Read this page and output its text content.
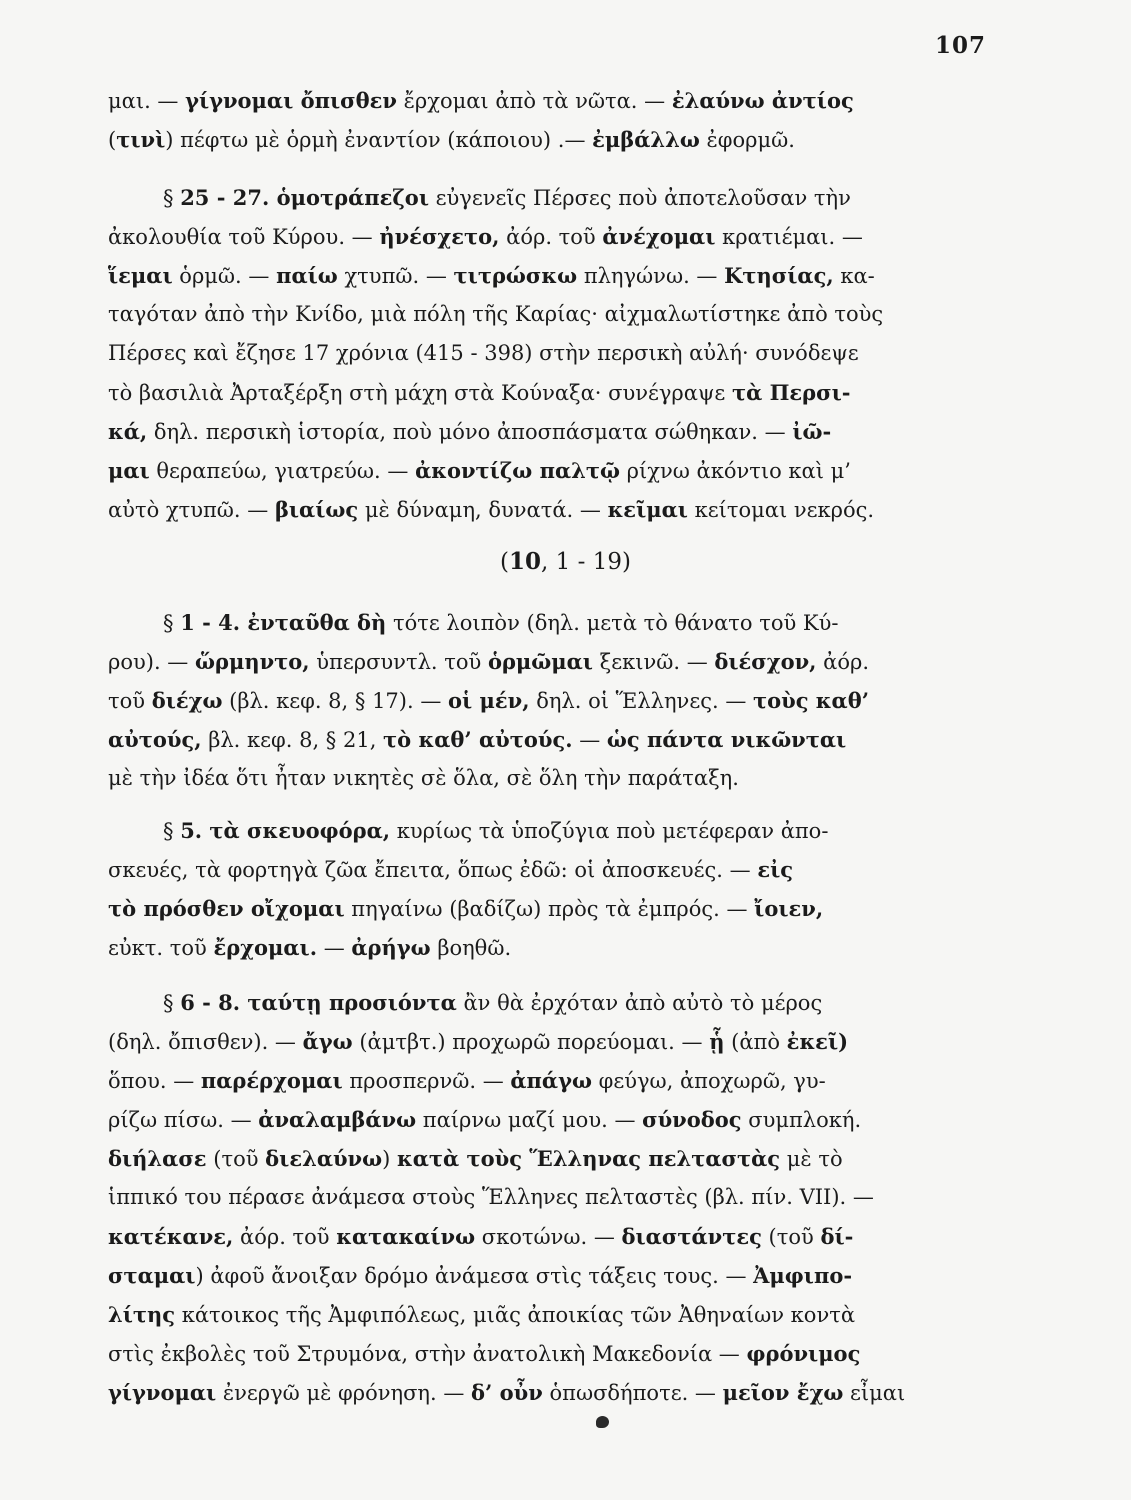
107
μαι. — γίγνομαι ὄπισθεν ἔρχομαι ἀπὸ τὰ νῶτα. — ἐλαύνω ἀντίος
(τινὶ) πέφτω μὲ ὁρμὴ ἐναντίον (κάποιου) .— ἐμβάλλω ἐφορμῶ.
§ 25 - 27. ὁμοτράπεζοι εὐγενεῖς Πέρσες ποὺ ἀποτελοῦσαν τὴν
ἀκολουθία τοῦ Κύρου. — ἠνέσχετο, ἀόρ. τοῦ ἀνέχομαι κρατιέμαι. —
ἵεμαι ὁρμῶ. — παίω χτυπῶ. — τιτρώσκω πληγώνω. — Κτησίας, κα-
ταγόταν ἀπὸ τὴν Κνίδο, μιὰ πόλη τῆς Καρίας· αἰχμαλωτίστηκε ἀπὸ τοὺς
Πέρσες καὶ ἔζησε 17 χρόνια (415 - 398) στὴν περσικὴ αὐλή· συνόδεψε
τὸ βασιλιὰ Ἀρταξέρξη στὴ μάχη στὰ Κούναξα· συνέγραψε τὰ Περσι-
κά, δηλ. περσικὴ ἱστορία, ποὺ μόνο ἀποσπάσματα σώθηκαν. — ἰῶ-
μαι θεραπεύω, γιατρεύω. — ἀκοντίζω παλτῷ ρίχνω ἀκόντιο καὶ μ’
αὐτὸ χτυπῶ. — βιαίως μὲ δύναμη, δυνατά. — κεῖμαι κείτομαι νεκρός.
(10, 1 - 19)
§ 1 - 4. ἐνταῦθα δὴ τότε λοιπὸν (δηλ. μετὰ τὸ θάνατο τοῦ Κύ-
ρου). — ὥρμηντο, ὑπερσυντλ. τοῦ ὁρμῶμαι ξεκινῶ. — διέσχον, ἀόρ.
τοῦ διέχω (βλ. κεφ. 8, § 17). — οἱ μέν, δηλ. οἱ Ἕλληνες. — τοὺς καθ’
αὐτούς, βλ. κεφ. 8, § 21, τὸ καθ’ αὐτούς. — ὡς πάντα νικῶνται
μὲ τὴν ἰδέα ὅτι ἦταν νικητὲς σὲ ὅλα, σὲ ὅλη τὴν παράταξη.
§ 5. τὰ σκευοφόρα, κυρίως τὰ ὑποζύγια ποὺ μετέφεραν ἀπο-
σκευές, τὰ φορτηγὰ ζῶα ἔπειτα, ὅπως ἐδῶ: οἱ ἀποσκευές. — εἰς
τὸ πρόσθεν οἴχομαι πηγαίνω (βαδίζω) πρὸς τὰ ἐμπρός. — ἴοιεν,
εὐκτ. τοῦ ἔρχομαι. — ἀρήγω βοηθῶ.
§ 6 - 8. ταύτῃ προσιόντα ἂν θὰ ἐρχόταν ἀπὸ αὐτὸ τὸ μέρος
(δηλ. ὄπισθεν). — ἄγω (ἀμτβτ.) προχωρῶ πορεύομαι. — ᾗ (ἀπὸ ἐκεῖ)
ὅπου. — παρέρχομαι προσπερνῶ. — ἀπάγω φεύγω, ἀποχωρῶ, γυ-
ρίζω πίσω. — ἀναλαμβάνω παίρνω μαζί μου. — σύνοδος συμπλοκή.
διήλασε (τοῦ διελαύνω) κατὰ τοὺς Ἕλληνας πελταστὰς μὲ τὸ
ἱππικό του πέρασε ἀνάμεσα στοὺς Ἕλληνες πελταστὲς (βλ. πίν. VII). —
κατέκανε, ἀόρ. τοῦ κατακαίνω σκοτώνω. — διαστάντες (τοῦ δί-
σταμαι) ἀφοῦ ἄνοιξαν δρόμο ἀνάμεσα στὶς τάξεις τους. — Ἀμφιπο-
λίτης κάτοικος τῆς Ἀμφιπόλεως, μιᾶς ἀποικίας τῶν Ἀθηναίων κοντὰ
στὶς ἐκβολὲς τοῦ Στρυμόνα, στὴν ἀνατολικὴ Μακεδονία — φρόνιμος
γίγνομαι ἐνεργῶ μὲ φρόνηση. — δ’ οὖν ὁπωσδήποτε. — μεῖον ἔχω εἶμαι
